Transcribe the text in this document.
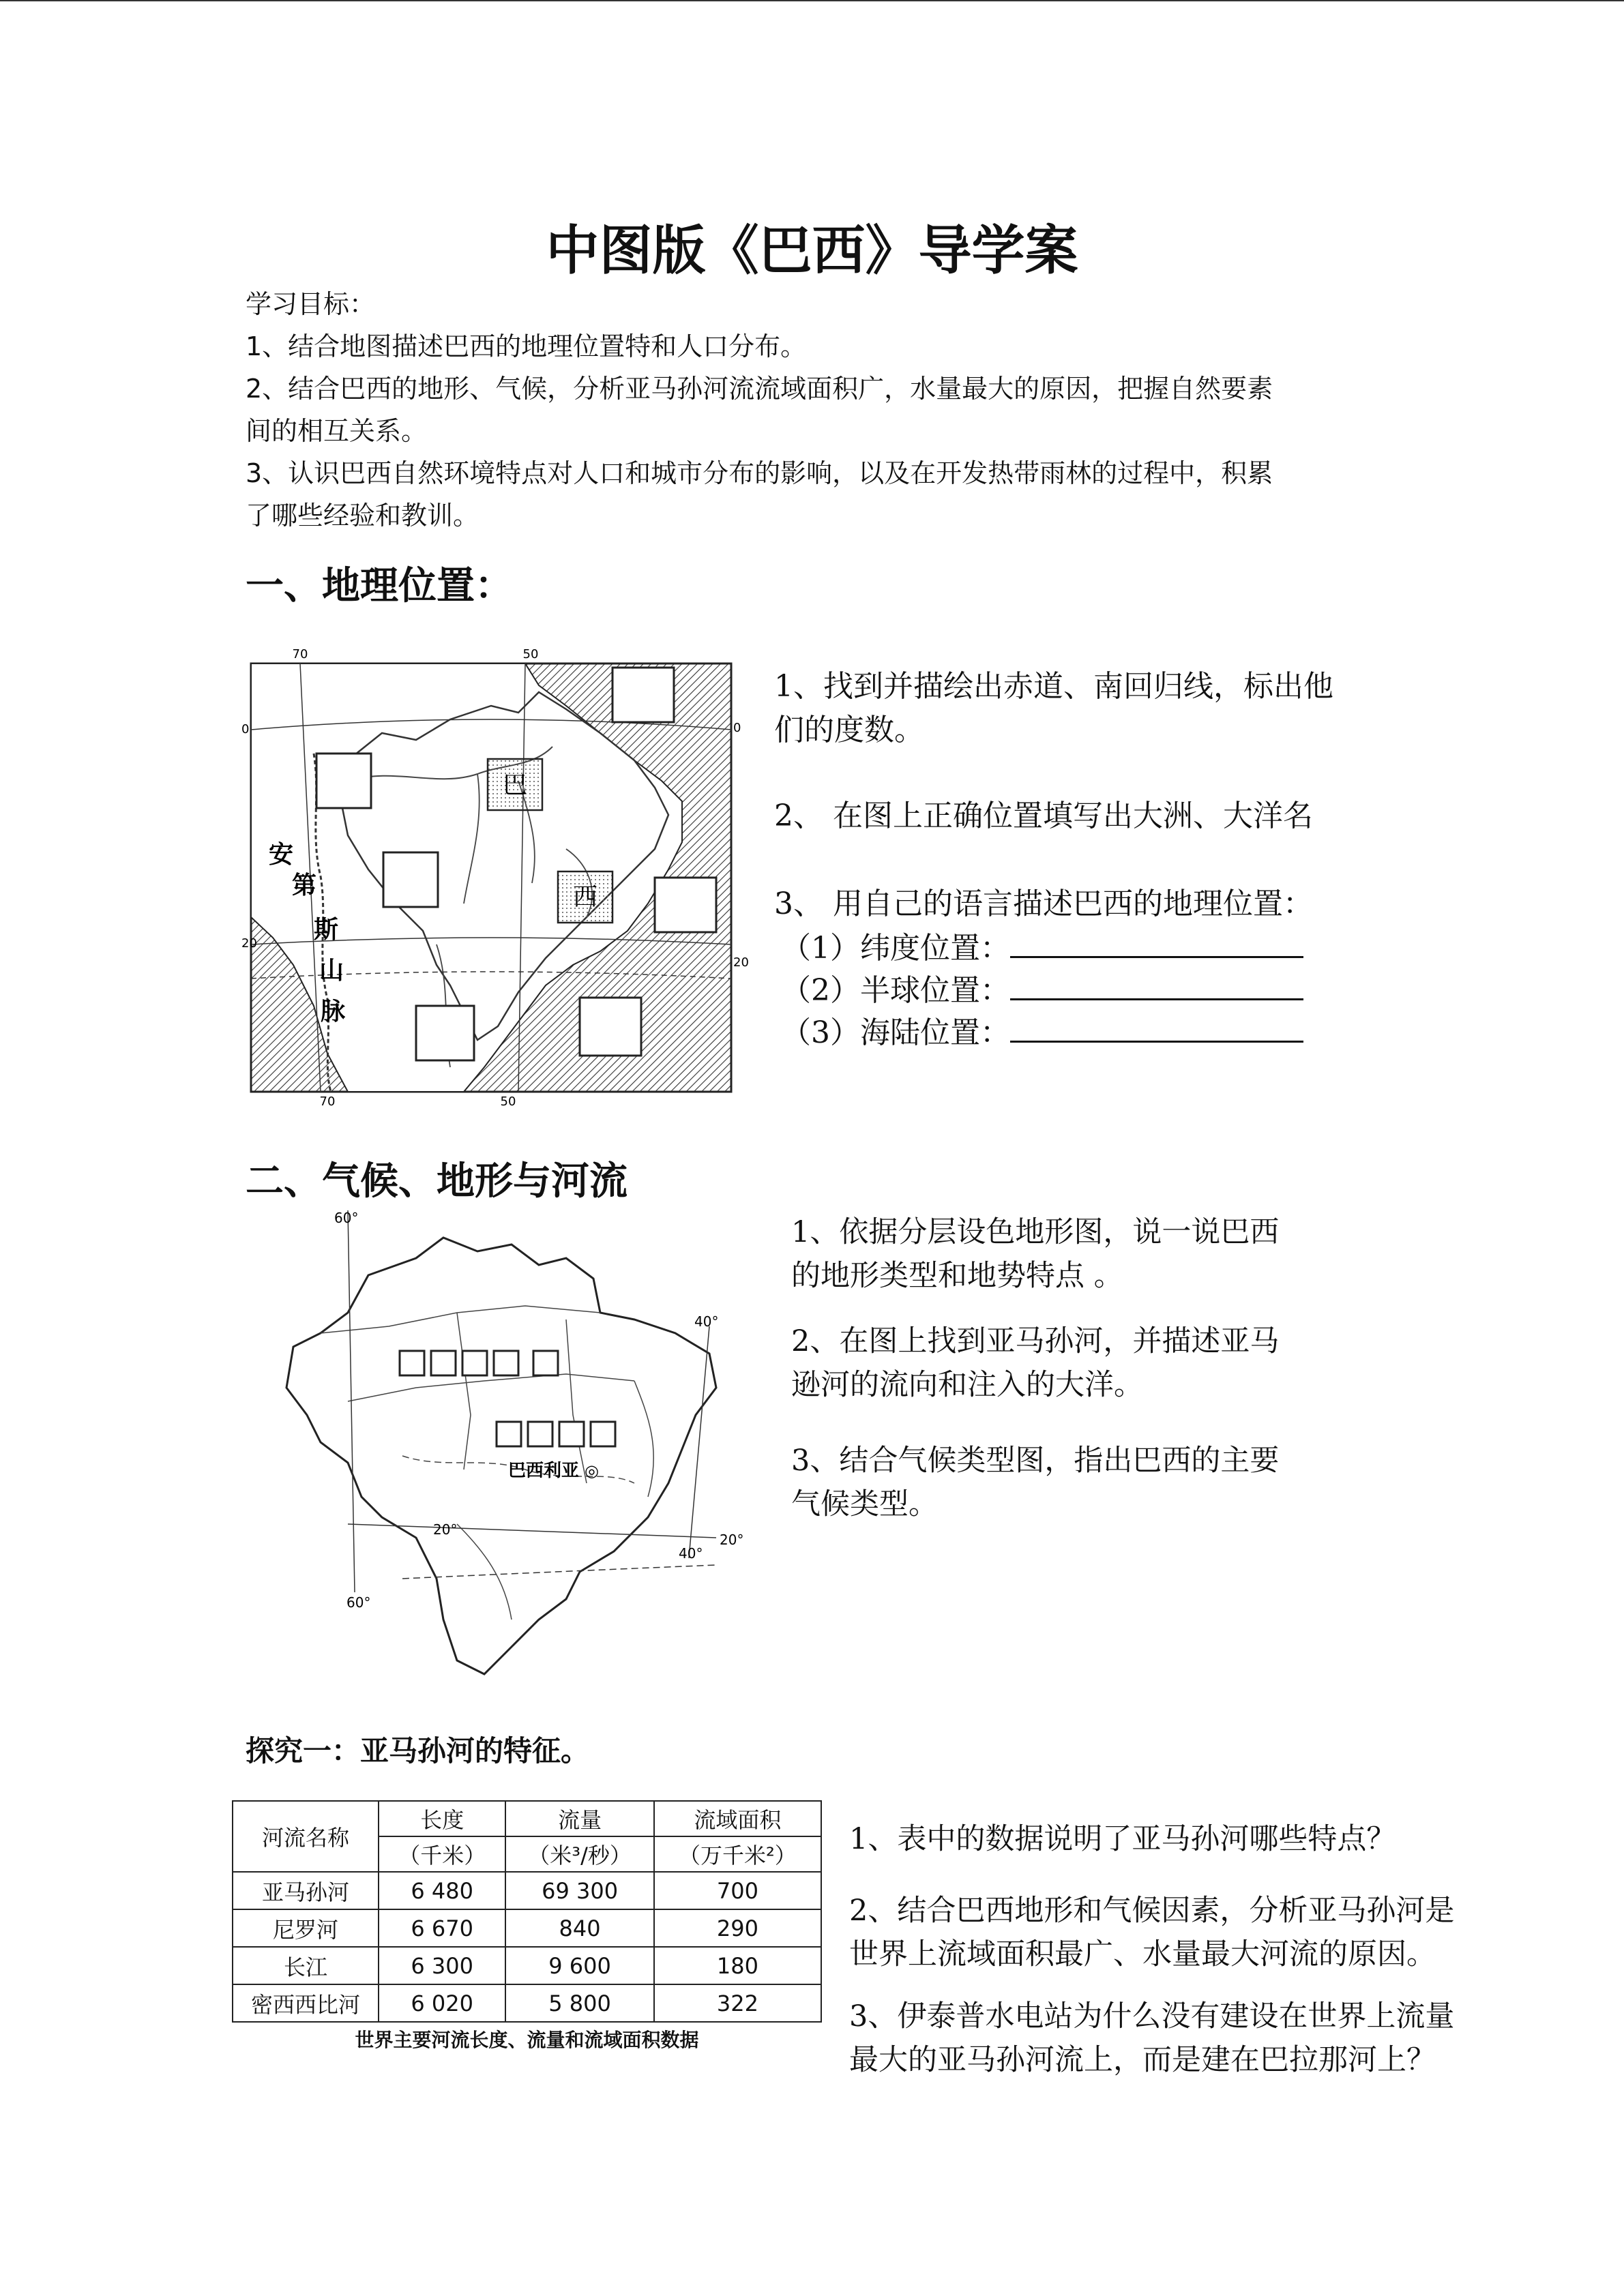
中图版《巴西》导学案
学习目标：
1、结合地图描述巴西的地理位置特和人口分布。
2、结合巴西的地形、气候，分析亚马孙河流流域面积广，水量最大的原因，把握自然要素
间的相互关系。
3、认识巴西自然环境特点对人口和城市分布的影响，以及在开发热带雨林的过程中，积累
了哪些经验和教训。
一、地理位置：
70	50
70	50
0
20
0
20
巴
西
安
第
斯
山
脉
1、找到并描绘出赤道、南回归线，标出他
们的度数。
2、 在图上正确位置填写出大洲、大洋名
3、 用自己的语言描述巴西的地理位置：
（1）纬度位置：
（2）半球位置：
（3）海陆位置：
二、气候、地形与河流
60°
40°
60°
40°
20°
20°
巴西利亚 ◎
1、依据分层设色地形图，说一说巴西
的地形类型和地势特点 。
2、在图上找到亚马孙河，并描述亚马
逊河的流向和注入的大洋。
3、结合气候类型图，指出巴西的主要
气候类型。
探究一：亚马孙河的特征。
河流名称	长度	流量	流域面积
	（千米）	（米³/秒）	（万千米²）
亚马孙河	6 480	69 300	700
尼罗河	6 670	840	290
长江	6 300	9 600	180
密西西比河	6 020	5 800	322
世界主要河流长度、流量和流域面积数据
1、表中的数据说明了亚马孙河哪些特点？
2、结合巴西地形和气候因素，分析亚马孙河是
世界上流域面积最广、水量最大河流的原因。
3、伊泰普水电站为什么没有建设在世界上流量
最大的亚马孙河流上，而是建在巴拉那河上？
